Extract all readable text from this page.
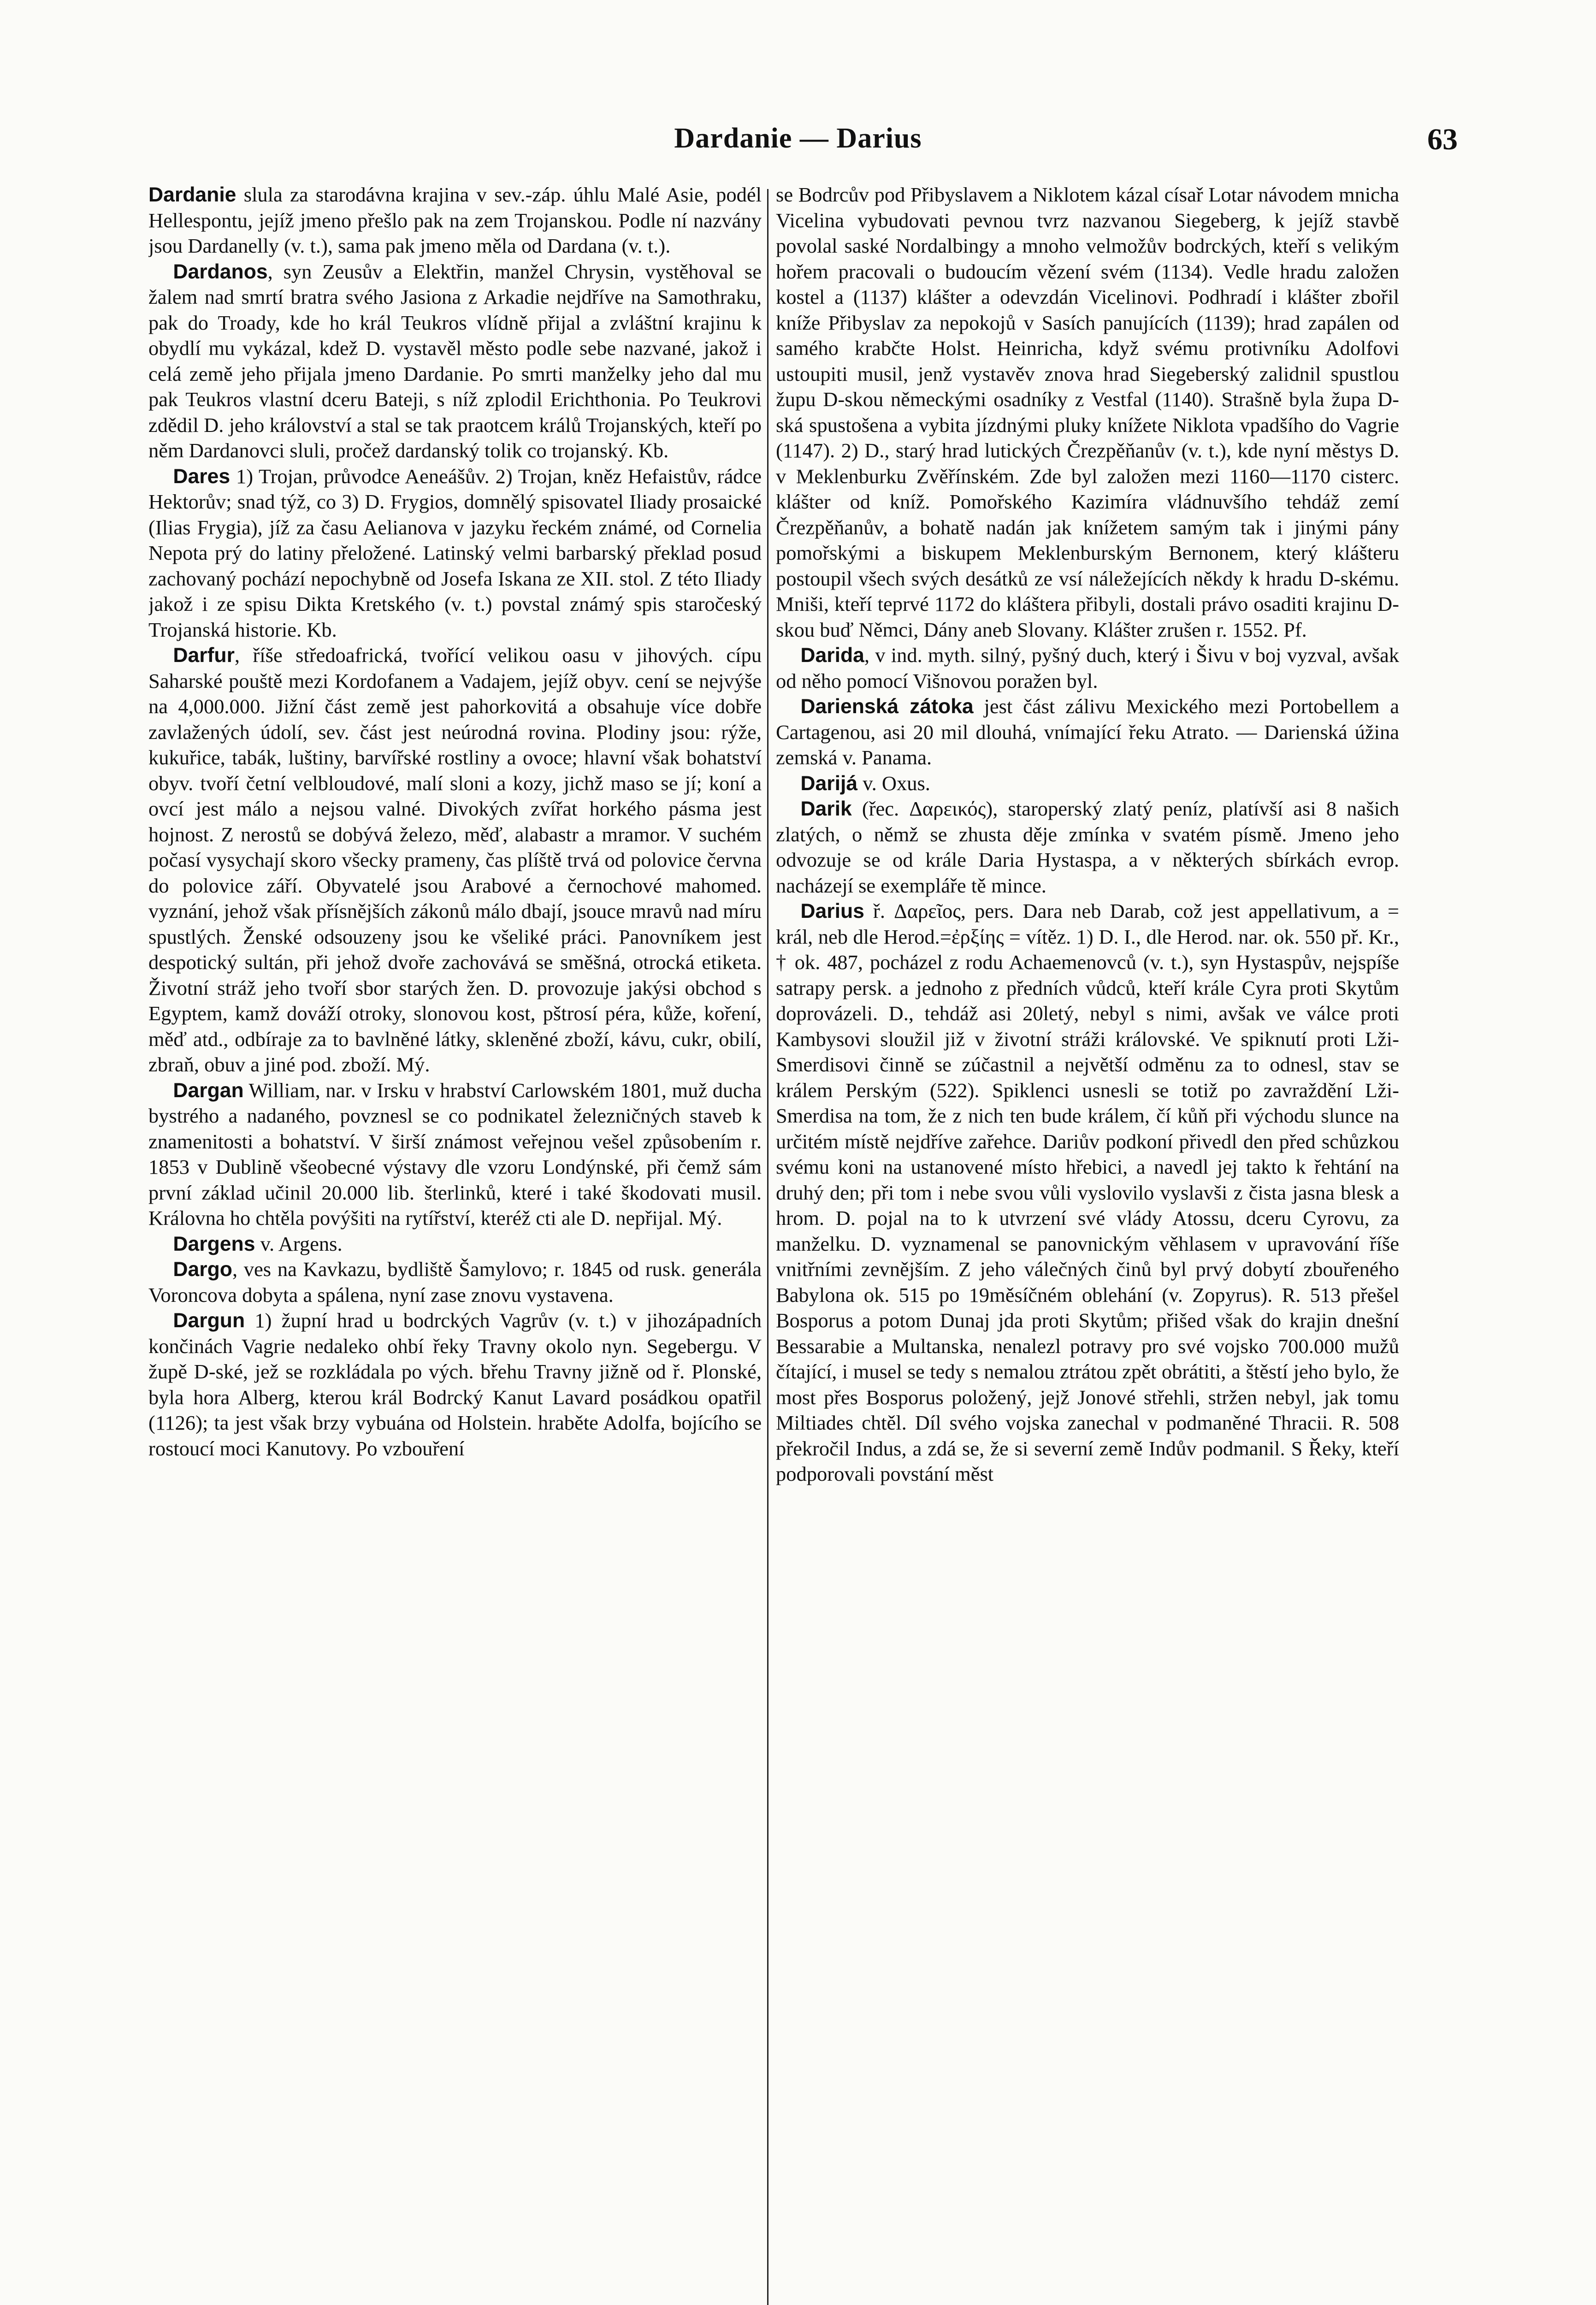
Dardanie — Darius	63

Dardanie slula za starodávna krajina v sev.-záp. úhlu Malé Asie, podél Hellespontu, jejíž jmeno přešlo pak na zem Trojanskou. Podle ní nazvány jsou Dardanelly (v. t.), sama pak jmeno měla od Dardana (v. t.).

Dardanos, syn Zeusův a Elektřin, manžel Chrysin, vystěhoval se žalem nad smrtí bratra svého Jasiona z Arkadie nejdříve na Samothraku, pak do Troady, kde ho král Teukros vlídně přijal a zvláštní krajinu k obydlí mu vykázal, kdež D. vystavěl město podle sebe nazvané, jakož i celá země jeho přijala jmeno Dardanie. Po smrti manželky jeho dal mu pak Teukros vlastní dceru Bateji, s níž zplodil Erichthonia. Po Teukrovi zdědil D. jeho království a stal se tak praotcem králů Trojanských, kteří po něm Dardanovci sluli, pročež dardanský tolik co trojanský. Kb.

Dares 1) Trojan, průvodce Aeneášův. 2) Trojan, kněz Hefaistův, rádce Hektorův; snad týž, co 3) D. Frygios, domnělý spisovatel Iliady prosaické (Ilias Frygia), jíž za času Aelianova v jazyku řeckém známé, od Cornelia Nepota prý do latiny přeložené. Latinský velmi barbarský překlad posud zachovaný pochází nepochybně od Josefa Iskana ze XII. stol. Z této Iliady jakož i ze spisu Dikta Kretského (v. t.) povstal známý spis staročeský Trojanská historie. Kb.

Darfur, říše středoafrická, tvořící velikou oasu v jihových. cípu Saharské pouště mezi Kordofanem a Vadajem, jejíž obyv. cení se nejvýše na 4,000.000. Jižní část země jest pahorkovitá a obsahuje více dobře zavlažených údolí, sev. část jest neúrodná rovina. Plodiny jsou: rýže, kukuřice, tabák, luštiny, barvířské rostliny a ovoce; hlavní však bohatství obyv. tvoří četní velbloudové, malí sloni a kozy, jichž maso se jí; koní a ovcí jest málo a nejsou valné. Divokých zvířat horkého pásma jest hojnost. Z nerostů se dobývá železo, měď, alabastr a mramor. V suchém počasí vysychají skoro všecky prameny, čas plíště trvá od polovice června do polovice září. Obyvatelé jsou Arabové a černochové mahomed. vyznání, jehož však přísnějších zákonů málo dbají, jsouce mravů nad míru spustlých. Ženské odsouzeny jsou ke všeliké práci. Panovníkem jest despotický sultán, při jehož dvoře zachovává se směšná, otrocká etiketa. Životní stráž jeho tvoří sbor starých žen. D. provozuje jakýsi obchod s Egyptem, kamž dováží otroky, slonovou kost, pštrosí péra, kůže, koření, měď atd., odbíraje za to bavlněné látky, skleněné zboží, kávu, cukr, obilí, zbraň, obuv a jiné pod. zboží. Mý.

Dargan William, nar. v Irsku v hrabství Carlowském 1801, muž ducha bystrého a nadaného, povznesl se co podnikatel železničných staveb k znamenitosti a bohatství. V širší známost veřejnou vešel způsobením r. 1853 v Dublině všeobecné výstavy dle vzoru Londýnské, při čemž sám první základ učinil 20.000 lib. šterlinků, které i také škodovati musil. Královna ho chtěla povýšiti na rytířství, kteréž cti ale D. nepřijal. Mý.

Dargens v. Argens.

Dargo, ves na Kavkazu, bydliště Šamylovo; r. 1845 od rusk. generála Voroncova dobyta a spálena, nyní zase znovu vystavena.

Dargun 1) župní hrad u bodrckých Vagrův (v. t.) v jihozápadních končinách Vagrie nedaleko ohbí řeky Travny okolo nyn. Segebergu. V župě D-ské, jež se rozkládala po vých. břehu Travny jižně od ř. Plonské, byla hora Alberg, kterou král Bodrcký Kanut Lavard posádkou opatřil (1126); ta jest však brzy vybuána od Holstein. hraběte Adolfa, bojícího se rostoucí moci Kanutovy. Po vzbouření

se Bodrcův pod Přibyslavem a Niklotem kázal císař Lotar návodem mnicha Vicelina vybudovati pevnou tvrz nazvanou Siegeberg, k jejíž stavbě povolal saské Nordalbingy a mnoho velmožův bodrckých, kteří s velikým hořem pracovali o budoucím vězení svém (1134). Vedle hradu založen kostel a (1137) klášter a odevzdán Vicelinovi. Podhradí i klášter zbořil kníže Přibyslav za nepokojů v Sasích panujících (1139); hrad zapálen od samého krabčte Holst. Heinricha, když svému protivníku Adolfovi ustoupiti musil, jenž vystavěv znova hrad Siegeberský zalidnil spustlou župu D-skou německými osadníky z Vestfal (1140). Strašně byla župa D-ská spustošena a vybita jízdnými pluky knížete Niklota vpadšího do Vagrie (1147). 2) D., starý hrad lutických Črezpěňanův (v. t.), kde nyní městys D. v Meklenburku Zvěřínském. Zde byl založen mezi 1160—1170 cisterc. klášter od kníž. Pomořského Kazimíra vládnuvšího tehdáž zemí Črezpěňanův, a bohatě nadán jak knížetem samým tak i jinými pány pomořskými a biskupem Meklenburským Bernonem, který klášteru postoupil všech svých desátků ze vsí náležejících někdy k hradu D-skému. Mniši, kteří teprvé 1172 do kláštera přibyli, dostali právo osaditi krajinu D-skou buď Němci, Dány aneb Slovany. Klášter zrušen r. 1552. Pf.

Darida, v ind. myth. silný, pyšný duch, který i Šivu v boj vyzval, avšak od něho pomocí Višnovou poražen byl.

Darienská zátoka jest část zálivu Mexického mezi Portobellem a Cartagenou, asi 20 mil dlouhá, vnímající řeku Atrato. — Darienská úžina zemská v. Panama.

Darijá v. Oxus.

Darik (řec. Δαρεικός), staroperský zlatý peníz, platívší asi 8 našich zlatých, o němž se zhusta děje zmínka v svatém písmě. Jmeno jeho odvozuje se od krále Daria Hystaspa, a v některých sbírkách evrop. nacházejí se exempláře tě mince.

Darius ř. Δαρεῖος, pers. Dara neb Darab, což jest appellativum, a = král, neb dle Herod.=ἐρξίης = vítěz. 1) D. I., dle Herod. nar. ok. 550 př. Kr., † ok. 487, pocházel z rodu Achaemenovců (v. t.), syn Hystaspův, nejspíše satrapy persk. a jednoho z předních vůdců, kteří krále Cyra proti Skytům doprovázeli. D., tehdáž asi 20letý, nebyl s nimi, avšak ve válce proti Kambysovi sloužil již v životní stráži královské. Ve spiknutí proti Lži-Smerdisovi činně se zúčastnil a největší odměnu za to odnesl, stav se králem Perským (522). Spiklenci usnesli se totiž po zavraždění Lži-Smerdisa na tom, že z nich ten bude králem, čí kůň při východu slunce na určitém místě nejdříve zařehce. Dariův podkoní přivedl den před schůzkou svému koni na ustanovené místo hřebici, a navedl jej takto k řehtání na druhý den; při tom i nebe svou vůli vyslovilo vyslavši z čista jasna blesk a hrom. D. pojal na to k utvrzení své vlády Atossu, dceru Cyrovu, za manželku. D. vyznamenal se panovnickým věhlasem v upravování říše vnitřními zevnějším. Z jeho válečných činů byl prvý dobytí zbouřeného Babylona ok. 515 po 19měsíčném oblehání (v. Zopyrus). R. 513 přešel Bosporus a potom Dunaj jda proti Skytům; přišed však do krajin dnešní Bessarabie a Multanska, nenalezl potravy pro své vojsko 700.000 mužů čítající, i musel se tedy s nemalou ztrátou zpět obrátiti, a štěstí jeho bylo, že most přes Bosporus položený, jejž Jonové střehli, stržen nebyl, jak tomu Miltiades chtěl. Díl svého vojska zanechal v podmaněné Thracii. R. 508 překročil Indus, a zdá se, že si severní země Indův podmanil. S Řeky, kteří podporovali povstání měst
